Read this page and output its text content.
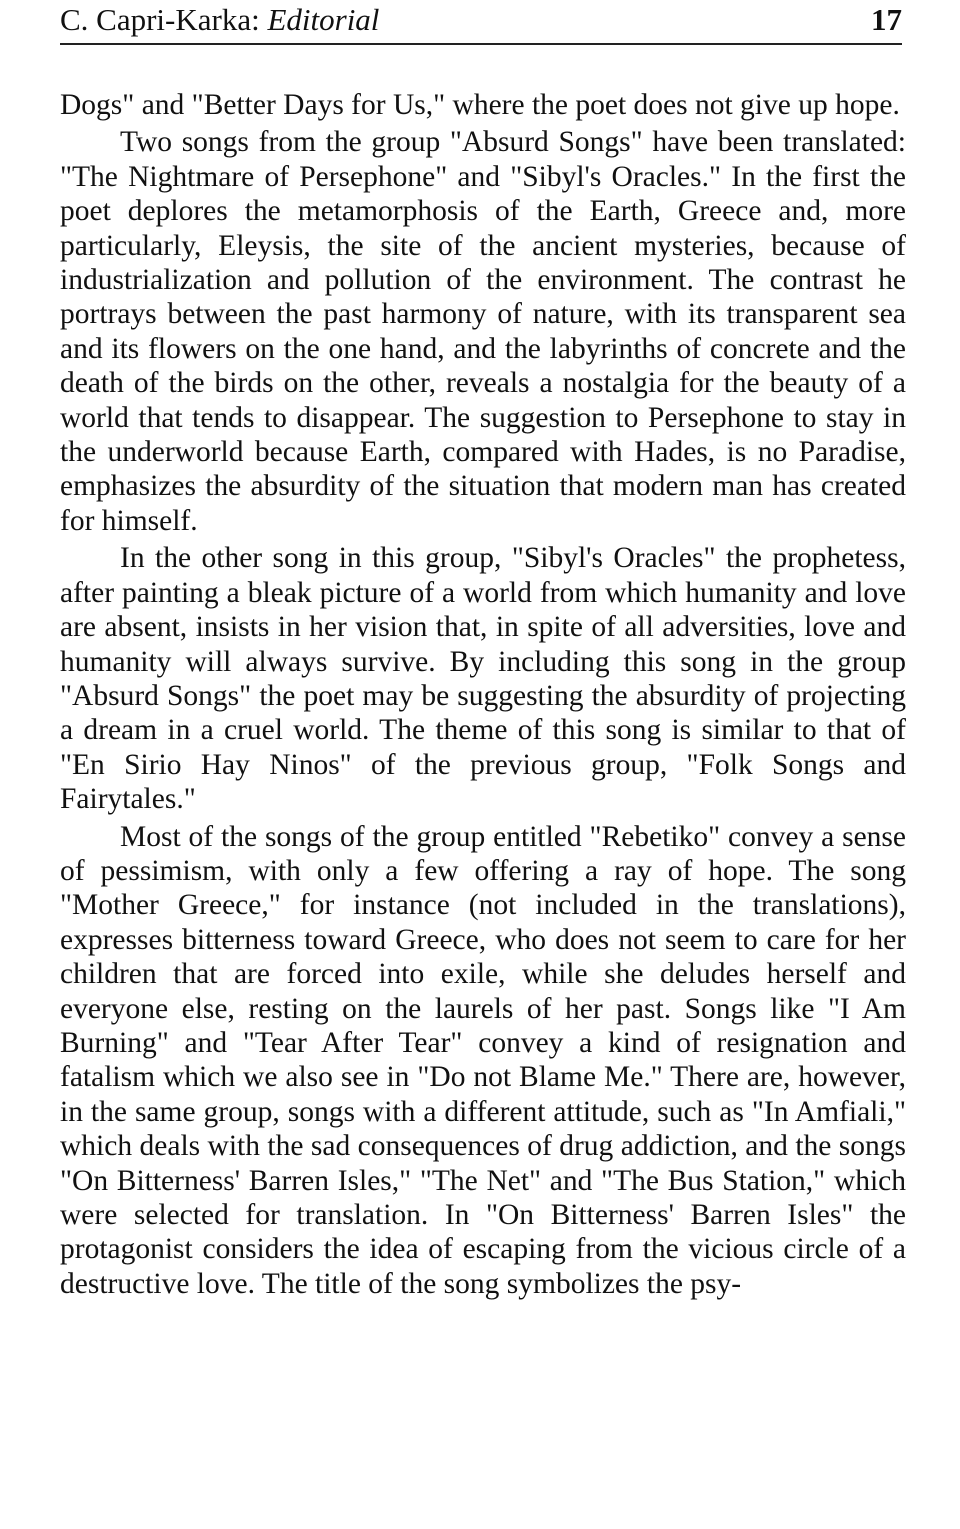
C. Capri-Karka: Editorial	17

Dogs" and "Better Days for Us," where the poet does not give up hope.

Two songs from the group "Absurd Songs" have been translated: "The Nightmare of Persephone" and "Sibyl's Oracles." In the first the poet deplores the metamorphosis of the Earth, Greece and, more particularly, Eleysis, the site of the ancient mysteries, because of industrialization and pollution of the environment. The contrast he portrays between the past harmony of nature, with its transparent sea and its flowers on the one hand, and the labyrinths of concrete and the death of the birds on the other, reveals a nostalgia for the beauty of a world that tends to disappear. The suggestion to Persephone to stay in the underworld because Earth, compared with Hades, is no Paradise, emphasizes the absurdity of the situation that modern man has created for himself.

In the other song in this group, "Sibyl's Oracles" the prophetess, after painting a bleak picture of a world from which humanity and love are absent, insists in her vision that, in spite of all adversities, love and humanity will always survive. By including this song in the group "Absurd Songs" the poet may be suggesting the absurdity of projecting a dream in a cruel world. The theme of this song is similar to that of "En Sirio Hay Ninos" of the previous group, "Folk Songs and Fairytales."

Most of the songs of the group entitled "Rebetiko" convey a sense of pessimism, with only a few offering a ray of hope. The song "Mother Greece," for instance (not included in the translations), expresses bitterness toward Greece, who does not seem to care for her children that are forced into exile, while she deludes herself and everyone else, resting on the laurels of her past. Songs like "I Am Burning" and "Tear After Tear" convey a kind of resignation and fatalism which we also see in "Do not Blame Me." There are, however, in the same group, songs with a different attitude, such as "In Amfiali," which deals with the sad consequences of drug addiction, and the songs "On Bitterness' Barren Isles," "The Net" and "The Bus Station," which were selected for translation. In "On Bitterness' Barren Isles" the protagonist considers the idea of escaping from the vicious circle of a destructive love. The title of the song symbolizes the psy-
